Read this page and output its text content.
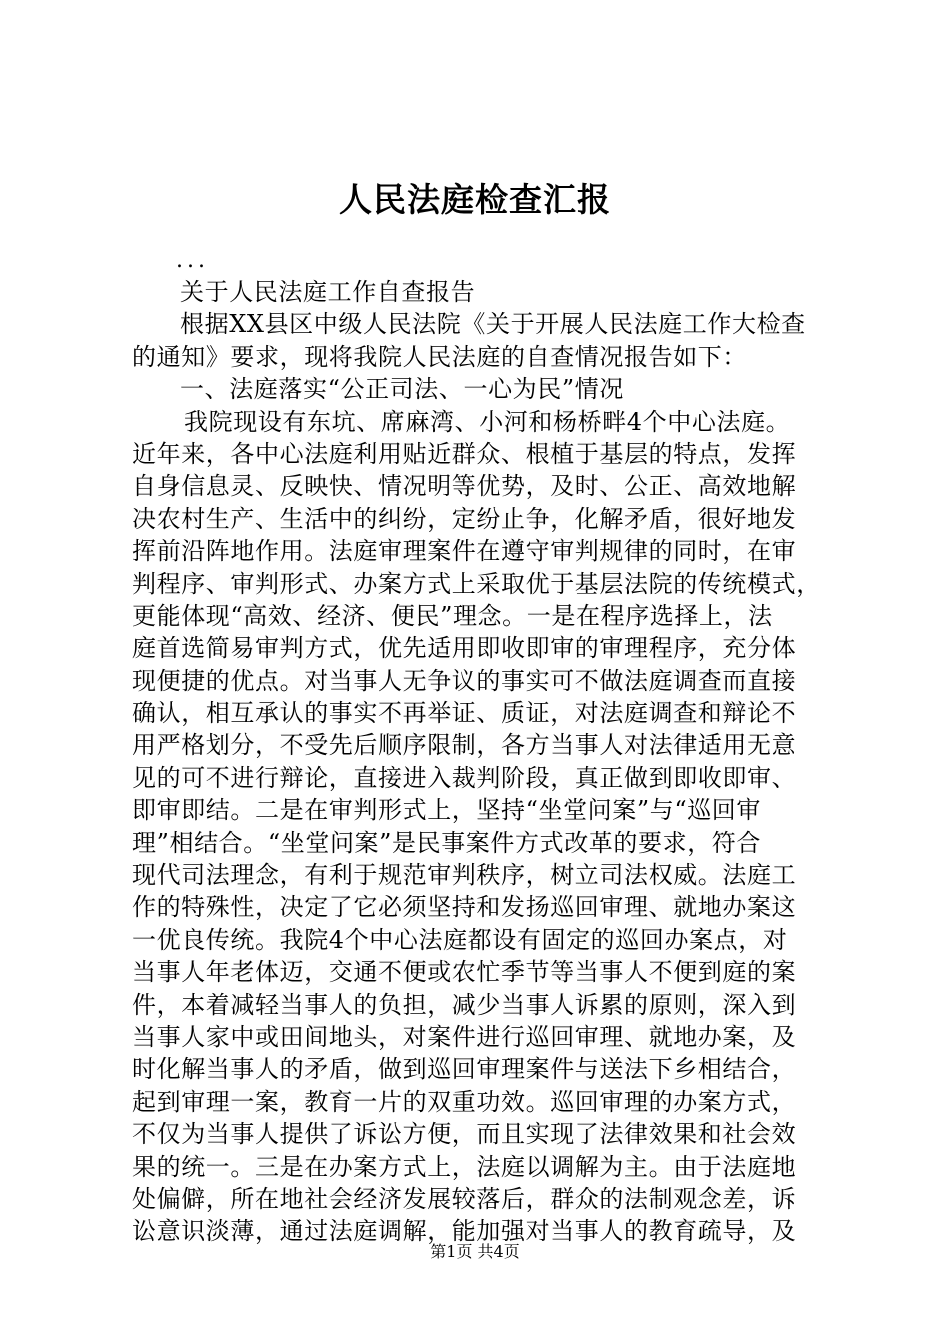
人民法庭检查汇报
...
关于人民法庭工作自查报告
根据XX县区中级人民法院《关于开展人民法庭工作大检查
的通知》要求，现将我院人民法庭的自查情况报告如下：
一、法庭落实“公正司法、一心为民”情况
我院现设有东坑、席麻湾、小河和杨桥畔4个中心法庭。
近年来，各中心法庭利用贴近群众、根植于基层的特点，发挥
自身信息灵、反映快、情况明等优势，及时、公正、高效地解
决农村生产、生活中的纠纷，定纷止争，化解矛盾，很好地发
挥前沿阵地作用。法庭审理案件在遵守审判规律的同时，在审
判程序、审判形式、办案方式上采取优于基层法院的传统模式，
更能体现“高效、经济、便民”理念。一是在程序选择上，法
庭首选简易审判方式，优先适用即收即审的审理程序，充分体
现便捷的优点。对当事人无争议的事实可不做法庭调查而直接
确认，相互承认的事实不再举证、质证，对法庭调查和辩论不
用严格划分，不受先后顺序限制，各方当事人对法律适用无意
见的可不进行辩论，直接进入裁判阶段，真正做到即收即审、
即审即结。二是在审判形式上，坚持“坐堂问案”与“巡回审
理”相结合。“坐堂问案”是民事案件方式改革的要求，符合
现代司法理念，有利于规范审判秩序，树立司法权威。法庭工
作的特殊性，决定了它必须坚持和发扬巡回审理、就地办案这
一优良传统。我院4个中心法庭都设有固定的巡回办案点，对
当事人年老体迈，交通不便或农忙季节等当事人不便到庭的案
件，本着减轻当事人的负担，减少当事人诉累的原则，深入到
当事人家中或田间地头，对案件进行巡回审理、就地办案，及
时化解当事人的矛盾，做到巡回审理案件与送法下乡相结合，
起到审理一案，教育一片的双重功效。巡回审理的办案方式，
不仅为当事人提供了诉讼方便，而且实现了法律效果和社会效
果的统一。三是在办案方式上，法庭以调解为主。由于法庭地
处偏僻，所在地社会经济发展较落后，群众的法制观念差，诉
讼意识淡薄，通过法庭调解，能加强对当事人的教育疏导，及
第1页 共4页
